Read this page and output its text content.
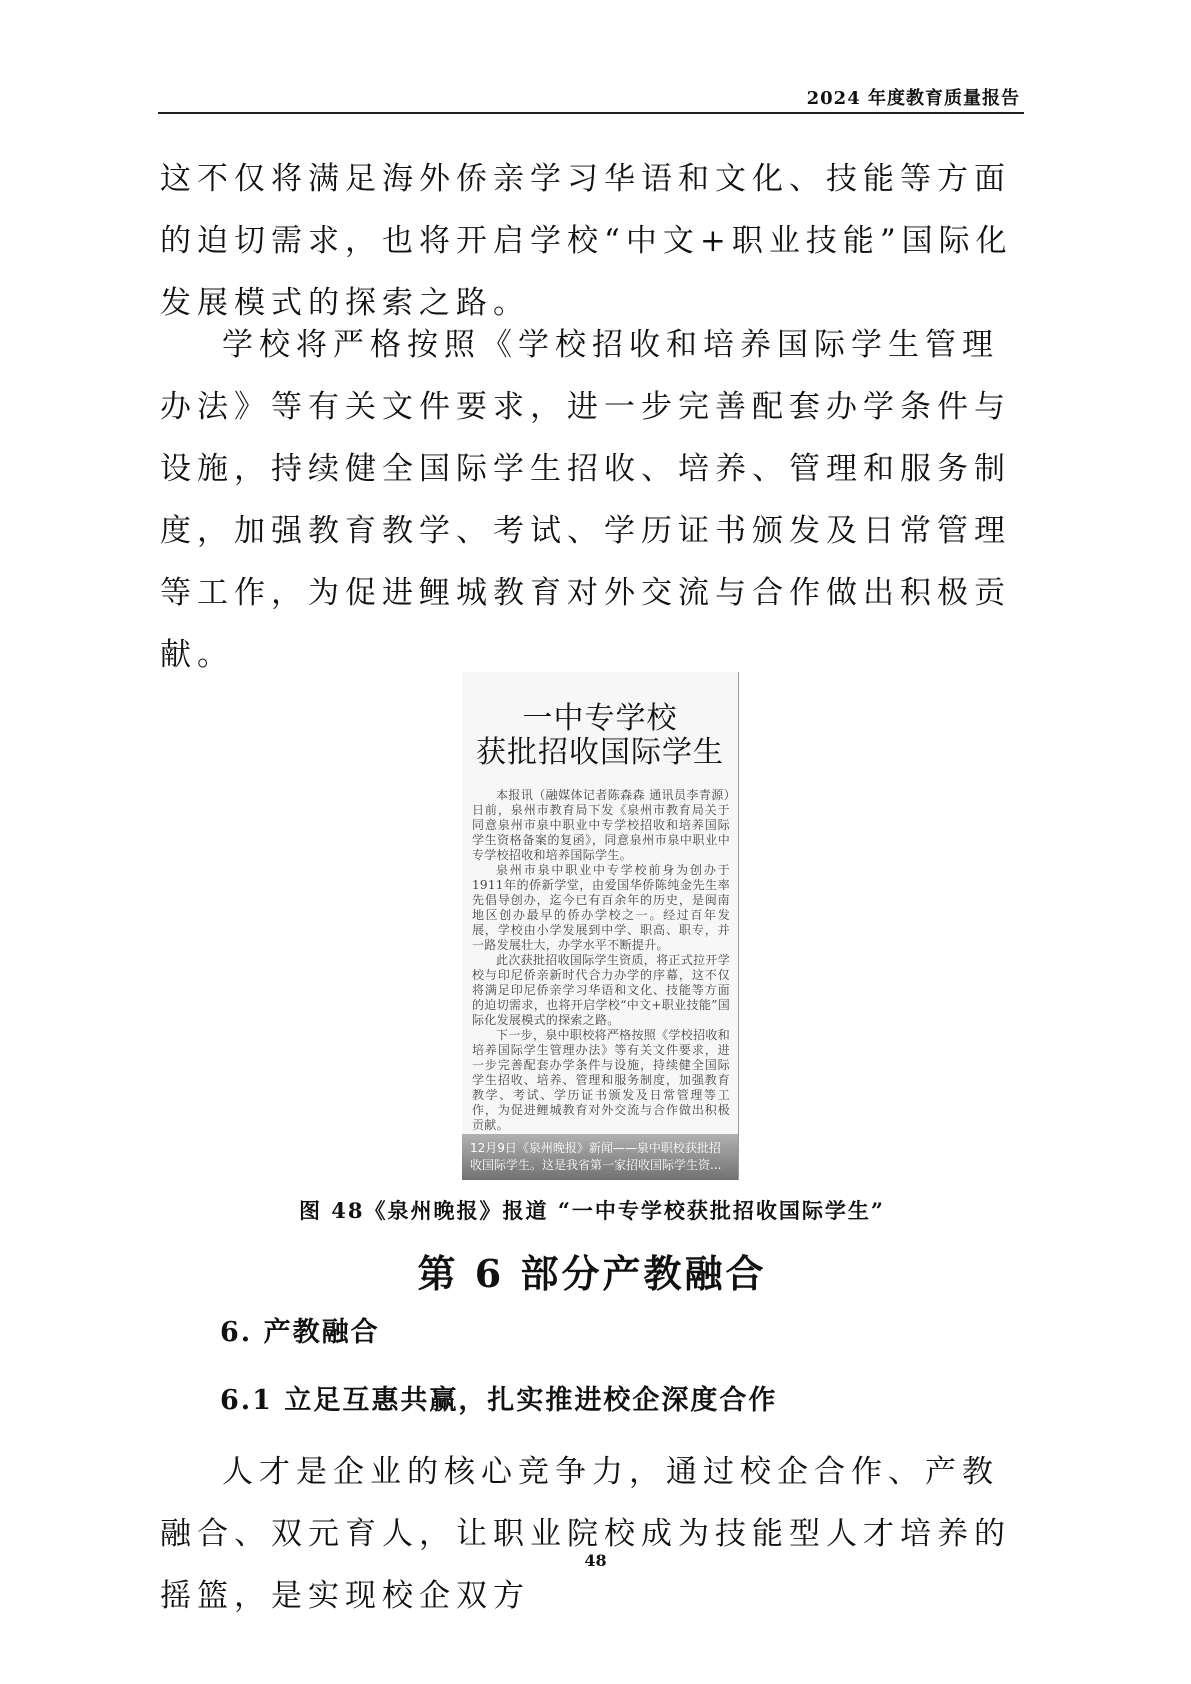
2024 年度教育质量报告

这不仅将满足海外侨亲学习华语和文化、技能等方面的迫切需求，也将开启学校“中文+职业技能”国际化发展模式的探索之路。

学校将严格按照《学校招收和培养国际学生管理办法》等有关文件要求，进一步完善配套办学条件与设施，持续健全国际学生招收、培养、管理和服务制度，加强教育教学、考试、学历证书颁发及日常管理等工作，为促进鲤城教育对外交流与合作做出积极贡献。

一中专学校
获批招收国际学生

本报讯（融媒体记者陈森森 通讯员李青源）日前，泉州市教育局下发《泉州市教育局关于同意泉州市泉中职业中专学校招收和培养国际学生资格备案的复函》，同意泉州市泉中职业中专学校招收和培养国际学生。

泉州市泉中职业中专学校前身为创办于1911年的侨新学堂，由爱国华侨陈纯金先生率先倡导创办，迄今已有百余年的历史，是闽南地区创办最早的侨办学校之一。经过百年发展，学校由小学发展到中学、职高、职专，并一路发展壮大，办学水平不断提升。

此次获批招收国际学生资质，将正式拉开学校与印尼侨亲新时代合力办学的序幕，这不仅将满足印尼侨亲学习华语和文化、技能等方面的迫切需求，也将开启学校“中文+职业技能”国际化发展模式的探索之路。

下一步，泉中职校将严格按照《学校招收和培养国际学生管理办法》等有关文件要求，进一步完善配套办学条件与设施，持续健全国际学生招收、培养、管理和服务制度，加强教育教学、考试、学历证书颁发及日常管理等工作，为促进鲤城教育对外交流与合作做出积极贡献。

12月9日《泉州晚报》新闻——泉中职校获批招收国际学生。这是我省第一家招收国际学生资...
图 48《泉州晚报》报道 “一中专学校获批招收国际学生”
第 6 部分产教融合
6. 产教融合
6.1 立足互惠共赢，扎实推进校企深度合作

人才是企业的核心竞争力，通过校企合作、产教融合、双元育人，让职业院校成为技能型人才培养的摇篮，是实现校企双方

48
